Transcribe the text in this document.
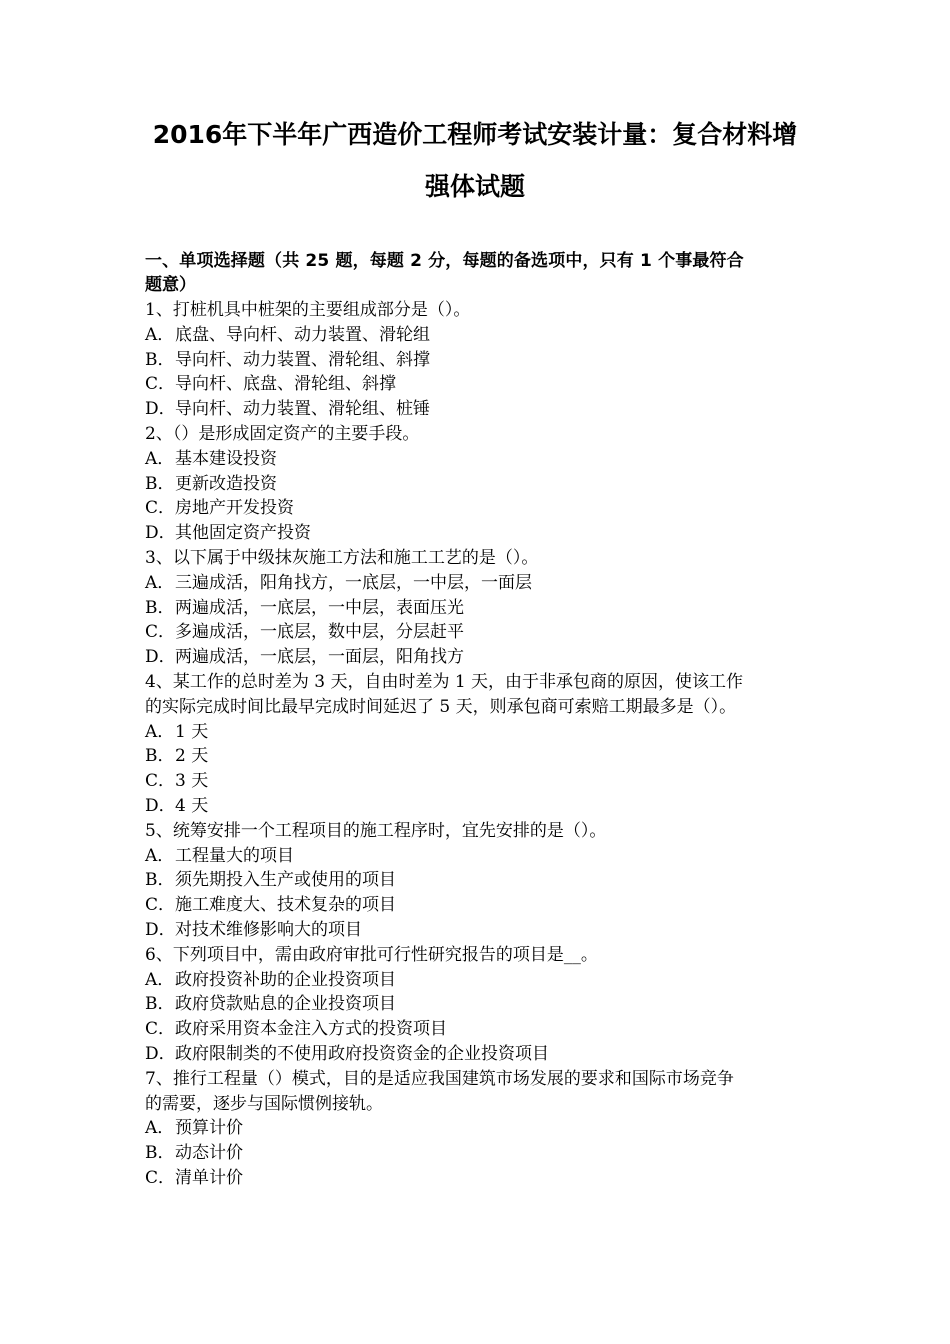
2016年下半年广西造价工程师考试安装计量：复合材料增
强体试题
一、单项选择题（共 25 题，每题 2 分，每题的备选项中，只有 1 个事最符合
题意）
1、打桩机具中桩架的主要组成部分是（）。
A．底盘、导向杆、动力装置、滑轮组
B．导向杆、动力装置、滑轮组、斜撑
C．导向杆、底盘、滑轮组、斜撑
D．导向杆、动力装置、滑轮组、桩锤
2、（）是形成固定资产的主要手段。
A．基本建设投资
B．更新改造投资
C．房地产开发投资
D．其他固定资产投资
3、以下属于中级抹灰施工方法和施工工艺的是（）。
A．三遍成活，阳角找方，一底层，一中层，一面层
B．两遍成活，一底层，一中层，表面压光
C．多遍成活，一底层，数中层，分层赶平
D．两遍成活，一底层，一面层，阳角找方
4、某工作的总时差为 3 天，自由时差为 1 天，由于非承包商的原因，使该工作
的实际完成时间比最早完成时间延迟了 5 天，则承包商可索赔工期最多是（）。
A．1 天
B．2 天
C．3 天
D．4 天
5、统筹安排一个工程项目的施工程序时，宜先安排的是（）。
A．工程量大的项目
B．须先期投入生产或使用的项目
C．施工难度大、技术复杂的项目
D．对技术维修影响大的项目
6、下列项目中，需由政府审批可行性研究报告的项目是__。
A．政府投资补助的企业投资项目
B．政府贷款贴息的企业投资项目
C．政府采用资本金注入方式的投资项目
D．政府限制类的不使用政府投资资金的企业投资项目
7、推行工程量（）模式，目的是适应我国建筑市场发展的要求和国际市场竞争
的需要，逐步与国际惯例接轨。
A．预算计价
B．动态计价
C．清单计价
